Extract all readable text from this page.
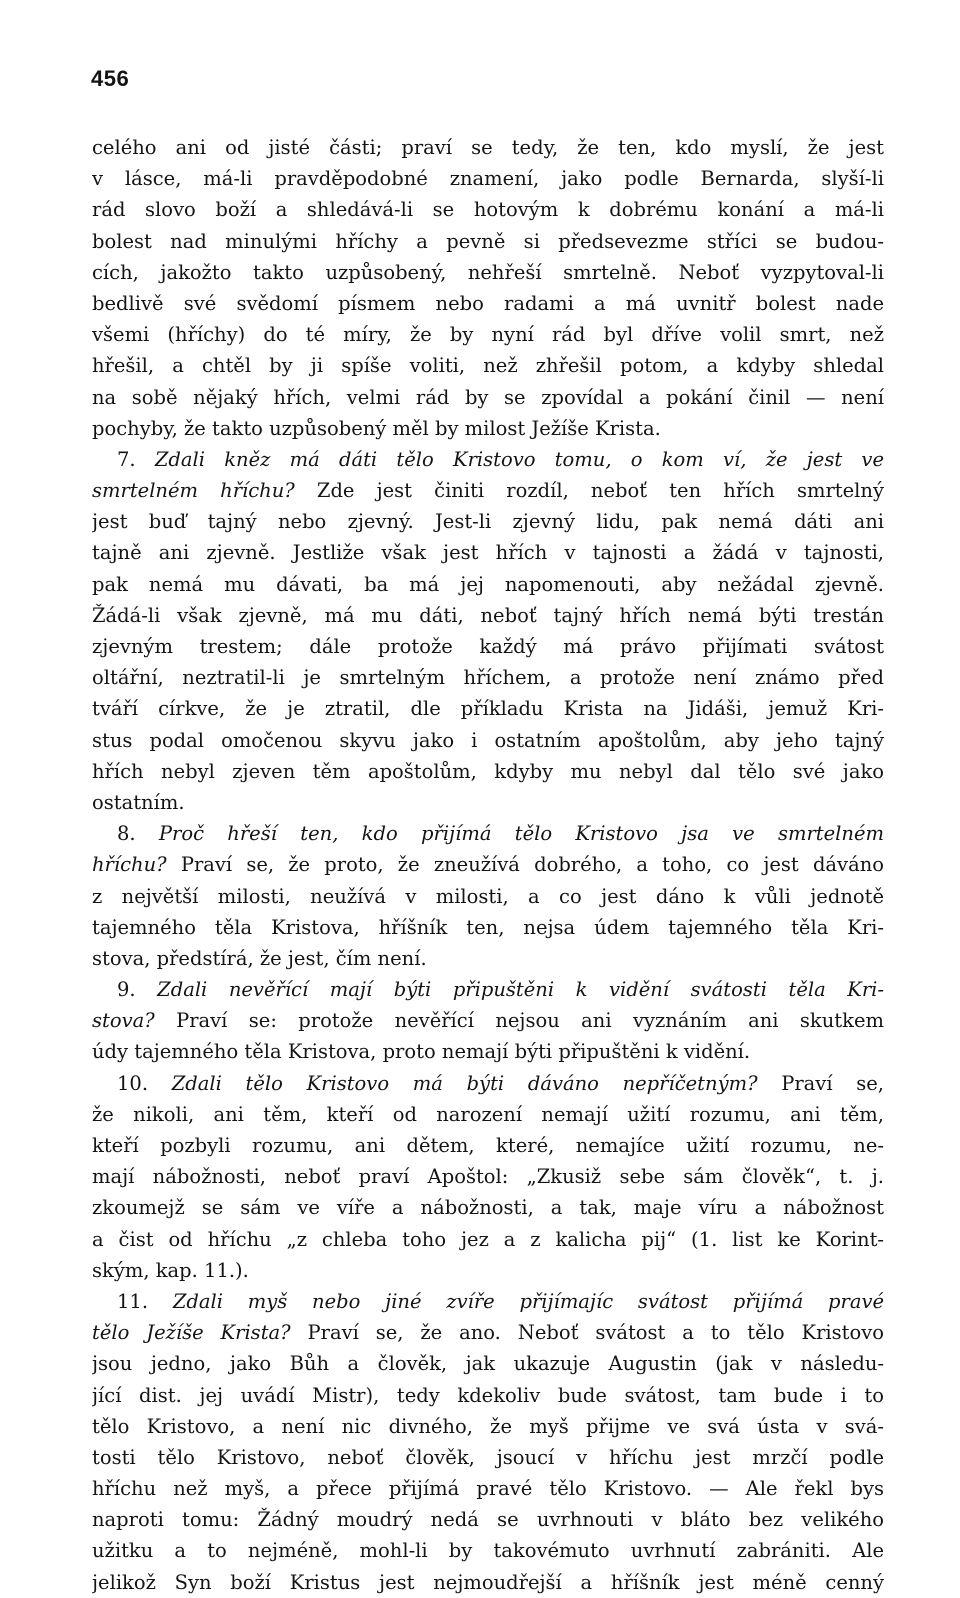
456
celého ani od jisté části; praví se tedy, že ten, kdo myslí, že jest
v lásce, má-li pravděpodobné znamení, jako podle Bernarda, slyší-li
rád slovo boží a shledává-li se hotovým k dobrému konání a má-li
bolest nad minulými hříchy a pevně si předsevezme stříci se budou-
cích, jakožto takto uzpůsobený, nehřeší smrtelně. Neboť vyzpytoval-li
bedlivě své svědomí písmem nebo radami a má uvnitř bolest nade
všemi (hříchy) do té míry, že by nyní rád byl dříve volil smrt, než
hřešil, a chtěl by ji spíše voliti, než zhřešil potom, a kdyby shledal
na sobě nějaký hřích, velmi rád by se zpovídal a pokání činil — není
pochyby, že takto uzpůsobený měl by milost Ježíše Krista.
7. Zdali kněz má dáti tělo Kristovo tomu, o kom ví, že jest ve
smrtelném hříchu? Zde jest činiti rozdíl, neboť ten hřích smrtelný
jest buď tajný nebo zjevný. Jest-li zjevný lidu, pak nemá dáti ani
tajně ani zjevně. Jestliže však jest hřích v tajnosti a žádá v tajnosti,
pak nemá mu dávati, ba má jej napomenouti, aby nežádal zjevně.
Žádá-li však zjevně, má mu dáti, neboť tajný hřích nemá býti trestán
zjevným trestem; dále protože každý má právo přijímati svátost
oltářní, neztratil-li je smrtelným hříchem, a protože není známo před
tváří církve, že je ztratil, dle příkladu Krista na Jidáši, jemuž Kri-
stus podal omočenou skyvu jako i ostatním apoštolům, aby jeho tajný
hřích nebyl zjeven těm apoštolům, kdyby mu nebyl dal tělo své jako
ostatním.
8. Proč hřeší ten, kdo přijímá tělo Kristovo jsa ve smrtelném
hříchu? Praví se, že proto, že zneužívá dobrého, a toho, co jest dáváno
z největší milosti, neužívá v milosti, a co jest dáno k vůli jednotě
tajemného těla Kristova, hříšník ten, nejsa údem tajemného těla Kri-
stova, předstírá, že jest, čím není.
9. Zdali nevěřící mají býti připuštěni k vidění svátosti těla Kri-
stova? Praví se: protože nevěřící nejsou ani vyznáním ani skutkem
údy tajemného těla Kristova, proto nemají býti připuštěni k vidění.
10. Zdali tělo Kristovo má býti dáváno nepříčetným? Praví se,
že nikoli, ani těm, kteří od narození nemají užití rozumu, ani těm,
kteří pozbyli rozumu, ani dětem, které, nemajíce užití rozumu, ne-
mají nábožnosti, neboť praví Apoštol: „Zkusiž sebe sám člověk“, t. j.
zkoumejž se sám ve víře a nábožnosti, a tak, maje víru a nábožnost
a čist od hříchu „z chleba toho jez a z kalicha pij“ (1. list ke Korint-
ským, kap. 11.).
11. Zdali myš nebo jiné zvíře přijímajíc svátost přijímá pravé
tělo Ježíše Krista? Praví se, že ano. Neboť svátost a to tělo Kristovo
jsou jedno, jako Bůh a člověk, jak ukazuje Augustin (jak v následu-
jící dist. jej uvádí Mistr), tedy kdekoliv bude svátost, tam bude i to
tělo Kristovo, a není nic divného, že myš přijme ve svá ústa v svá-
tosti tělo Kristovo, neboť člověk, jsoucí v hříchu jest mrzčí podle
hříchu než myš, a přece přijímá pravé tělo Kristovo. — Ale řekl bys
naproti tomu: Žádný moudrý nedá se uvrhnouti v bláto bez velikého
užitku a to nejméně, mohl-li by takovémuto uvrhnutí zabrániti. Ale
jelikož Syn boží Kristus jest nejmoudřejší a hříšník jest méně cenný
